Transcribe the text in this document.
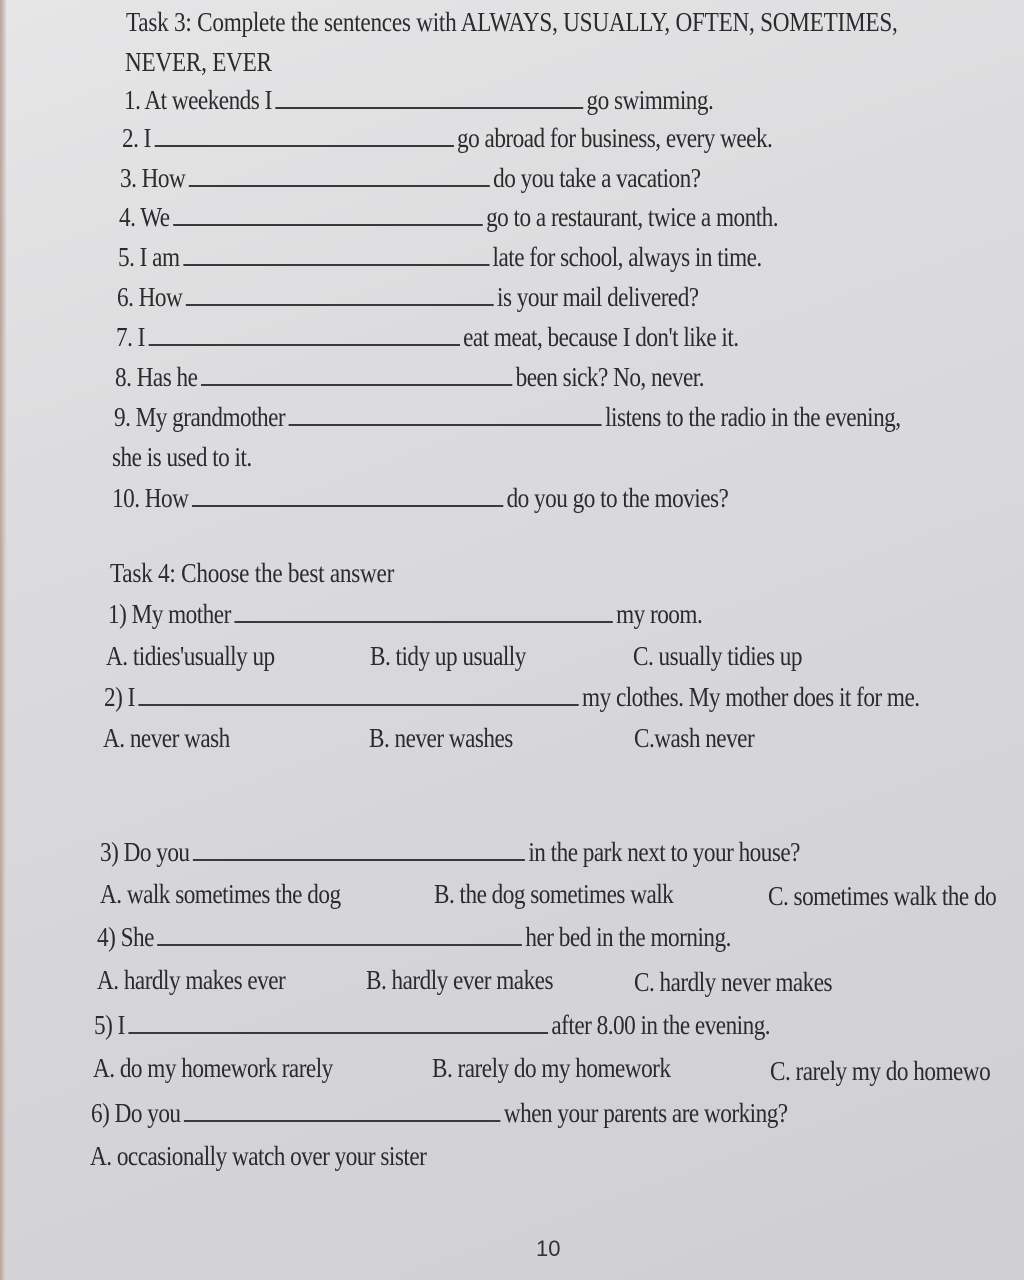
Task 3: Complete the sentences with ALWAYS, USUALLY, OFTEN, SOMETIMES,
NEVER, EVER
1. At weekends I	go swimming.
2. I	go abroad for business, every week.
3. How	do you take a vacation?
4. We	go to a restaurant, twice a month.
5. I am	late for school, always in time.
6. How	is your mail delivered?
7. I	eat meat, because I don't like it.
8. Has he	been sick? No, never.
9. My grandmother	listens to the radio in the evening,
she is used to it.
10. How	do you go to the movies?
Task 4: Choose the best answer
1) My mother	my room.
A. tidies'usually up	B. tidy up usually	C. usually tidies up
2) I	my clothes. My mother does it for me.
A. never wash	B. never washes	C.wash never
3) Do you	in the park next to your house?
A. walk sometimes the dog	B. the dog sometimes walk	C. sometimes walk the do
4) She	her bed in the morning.
A. hardly makes ever	B. hardly ever makes	C. hardly never makes
5) I	after 8.00 in the evening.
A. do my homework rarely	B. rarely do my homework	C. rarely my do homewo
6) Do you	when your parents are working?
A. occasionally watch over your sister
10
